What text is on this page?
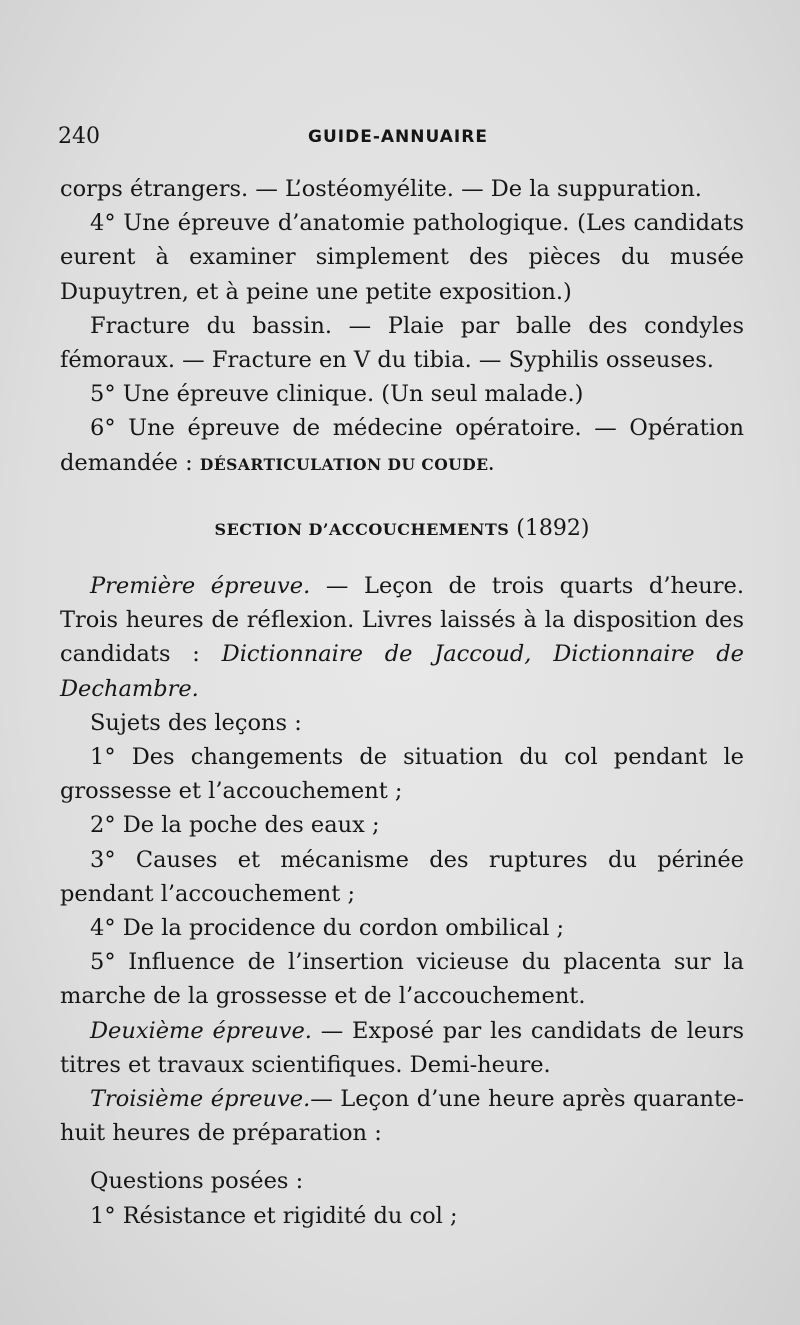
240	GUIDE-ANNUAIRE

corps étrangers. — L’ostéomyélite. — De la suppuration.

4° Une épreuve d’anatomie pathologique. (Les candidats eurent à examiner simplement des pièces du musée Dupuytren, et à peine une petite exposition.)

Fracture du bassin. — Plaie par balle des condyles fémoraux. — Fracture en V du tibia. — Syphilis osseuses.

5° Une épreuve clinique. (Un seul malade.)

6° Une épreuve de médecine opératoire. — Opération demandée : DÉSARTICULATION DU COUDE.

SECTION D’ACCOUCHEMENTS (1892)

Première épreuve. — Leçon de trois quarts d’heure. Trois heures de réflexion. Livres laissés à la disposition des candidats : Dictionnaire de Jaccoud, Dictionnaire de Dechambre.

Sujets des leçons :

1° Des changements de situation du col pendant le grossesse et l’accouchement ;

2° De la poche des eaux ;

3° Causes et mécanisme des ruptures du périnée pendant l’accouchement ;

4° De la procidence du cordon ombilical ;

5° Influence de l’insertion vicieuse du placenta sur la marche de la grossesse et de l’accouchement.

Deuxième épreuve. — Exposé par les candidats de leurs titres et travaux scientifiques. Demi-heure.

Troisième épreuve.— Leçon d’une heure après quarante-huit heures de préparation :

Questions posées :

1° Résistance et rigidité du col ;
